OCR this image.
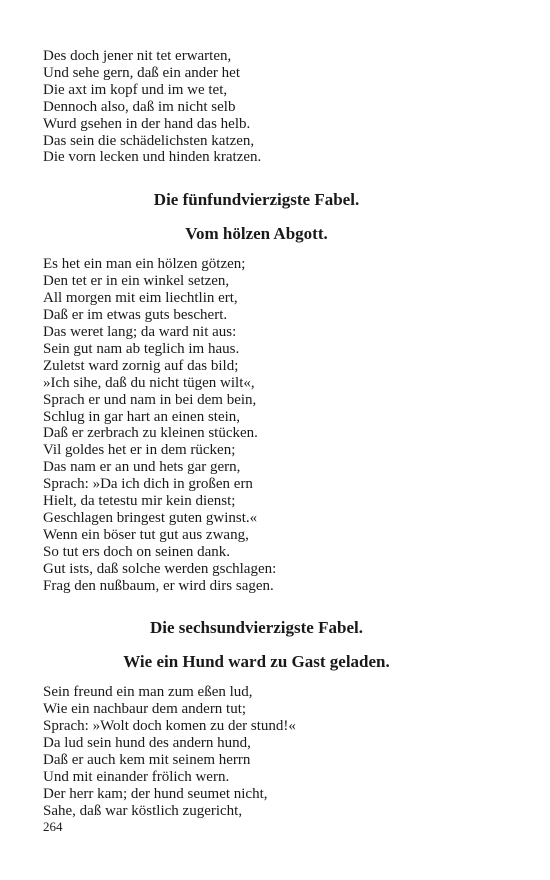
Des doch jener nit tet erwarten,
Und sehe gern, daß ein ander het
Die axt im kopf und im we tet,
Dennoch also, daß im nicht selb
Wurd gsehen in der hand das helb.
Das sein die schädelichsten katzen,
Die vorn lecken und hinden kratzen.
Die fünfundvierzigste Fabel.
Vom hölzen Abgott.
Es het ein man ein hölzen götzen;
Den tet er in ein winkel setzen,
All morgen mit eim liechtlin ert,
Daß er im etwas guts beschert.
Das weret lang; da ward nit aus:
Sein gut nam ab teglich im haus.
Zuletst ward zornig auf das bild;
»Ich sihe, daß du nicht tügen wilt«,
Sprach er und nam in bei dem bein,
Schlug in gar hart an einen stein,
Daß er zerbrach zu kleinen stücken.
Vil goldes het er in dem rücken;
Das nam er an und hets gar gern,
Sprach: »Da ich dich in großen ern
Hielt, da tetestu mir kein dienst;
Geschlagen bringest guten gwinst.«
Wenn ein böser tut gut aus zwang,
So tut ers doch on seinen dank.
Gut ists, daß solche werden gschlagen:
Frag den nußbaum, er wird dirs sagen.
Die sechsundvierzigste Fabel.
Wie ein Hund ward zu Gast geladen.
Sein freund ein man zum eßen lud,
Wie ein nachbaur dem andern tut;
Sprach: »Wolt doch komen zu der stund!«
Da lud sein hund des andern hund,
Daß er auch kem mit seinem herrn
Und mit einander frölich wern.
Der herr kam; der hund seumet nicht,
Sahe, daß war köstlich zugericht,
264
